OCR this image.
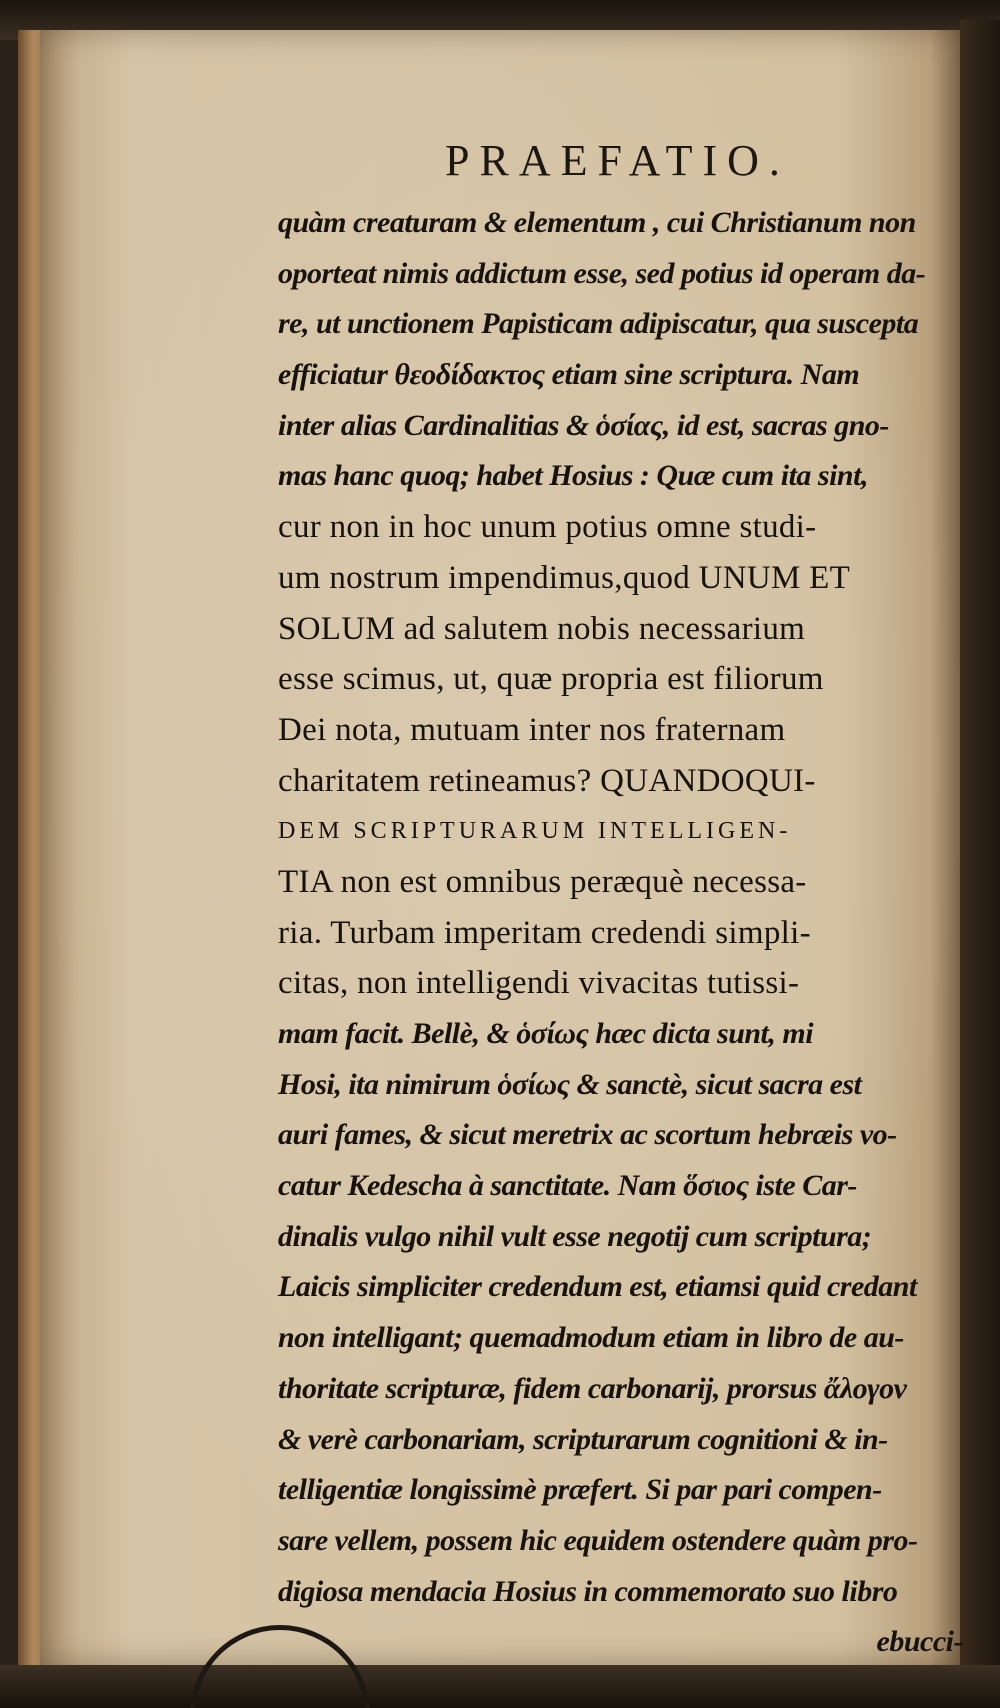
PRAEFATIO.
quàm creaturam & elementum , cui Christianum non
oporteat nimis addictum esse, sed potius id operam da-
re, ut unctionem Papisticam adipiscatur, qua suscepta
efficiatur θεοδίδακτος etiam sine scriptura. Nam
inter alias Cardinalitias & ὁσίας, id est, sacras gno-
mas hanc quoq; habet Hosius : Quæ cum ita sint,
cur non in hoc unum potius omne studi-
um nostrum impendimus,quod UNUM ET
SOLUM ad salutem nobis necessarium
esse scimus, ut, quæ propria est filiorum
Dei nota, mutuam inter nos fraternam
charitatem retineamus? QUANDOQUI-
DEM SCRIPTURARUM INTELLIGEN-
TIA non est omnibus peræquè necessa-
ria. Turbam imperitam credendi simpli-
citas, non intelligendi vivacitas tutissi-
mam facit. Bellè, & ὁσίως hæc dicta sunt, mi
Hosi, ita nimirum ὁσίως & sanctè, sicut sacra est
auri fames, & sicut meretrix ac scortum hebræis vo-
catur Kedescha à sanctitate. Nam ὅσιος iste Car-
dinalis vulgo nihil vult esse negotij cum scriptura;
Laicis simpliciter credendum est, etiamsi quid credant
non intelligant; quemadmodum etiam in libro de au-
thoritate scripturæ, fidem carbonarij, prorsus ἄλογον
& verè carbonariam, scripturarum cognitioni & in-
telligentiæ longissimè præfert. Si par pari compen-
sare vellem, possem hic equidem ostendere quàm pro-
digiosa mendacia Hosius in commemorato suo libro
ebucci-
